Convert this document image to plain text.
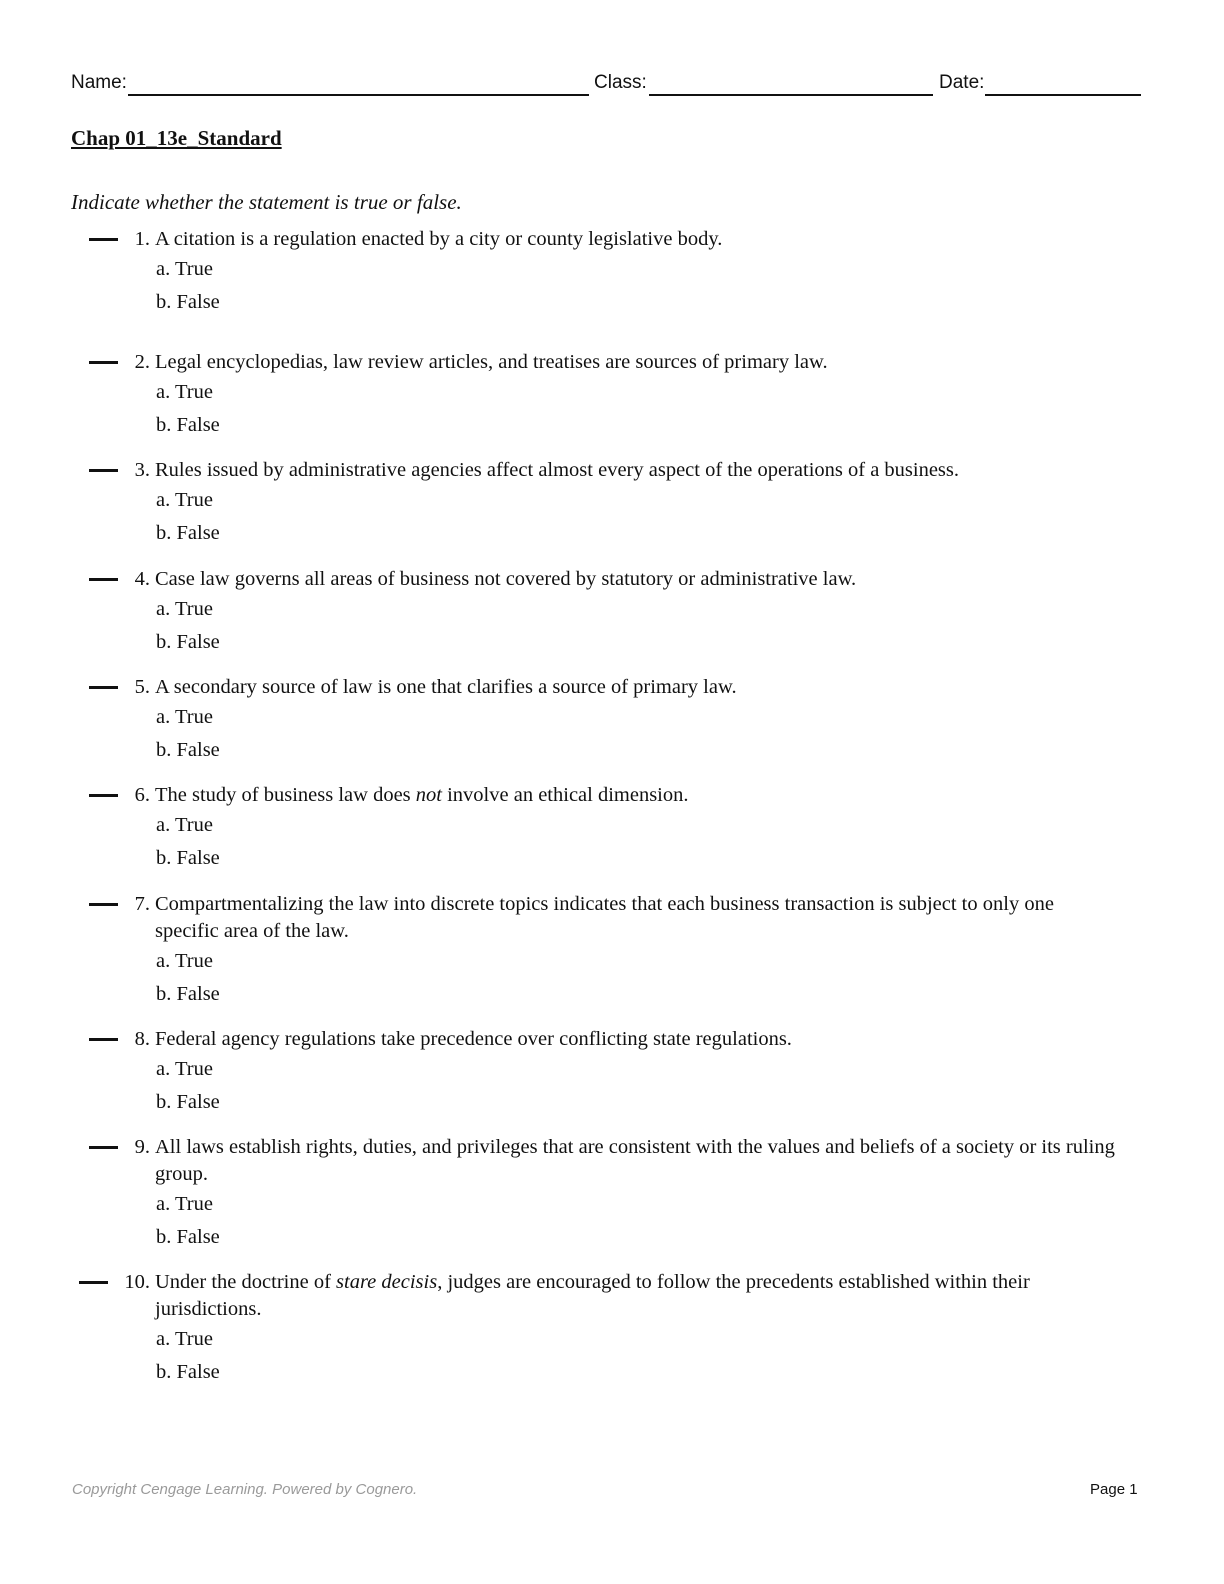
Name:	Class:	Date:
Chap 01_13e_Standard
Indicate whether the statement is true or false.
1. A citation is a regulation enacted by a city or county legislative body.
a. True
b. False
2. Legal encyclopedias, law review articles, and treatises are sources of primary law.
a. True
b. False
3. Rules issued by administrative agencies affect almost every aspect of the operations of a business.
a. True
b. False
4. Case law governs all areas of business not covered by statutory or administrative law.
a. True
b. False
5. A secondary source of law is one that clarifies a source of primary law.
a. True
b. False
6. The study of business law does not involve an ethical dimension.
a. True
b. False
7. Compartmentalizing the law into discrete topics indicates that each business transaction is subject to only one specific area of the law.
a. True
b. False
8. Federal agency regulations take precedence over conflicting state regulations.
a. True
b. False
9. All laws establish rights, duties, and privileges that are consistent with the values and beliefs of a society or its ruling group.
a. True
b. False
10. Under the doctrine of stare decisis, judges are encouraged to follow the precedents established within their jurisdictions.
a. True
b. False
Copyright Cengage Learning. Powered by Cognero.	Page 1
